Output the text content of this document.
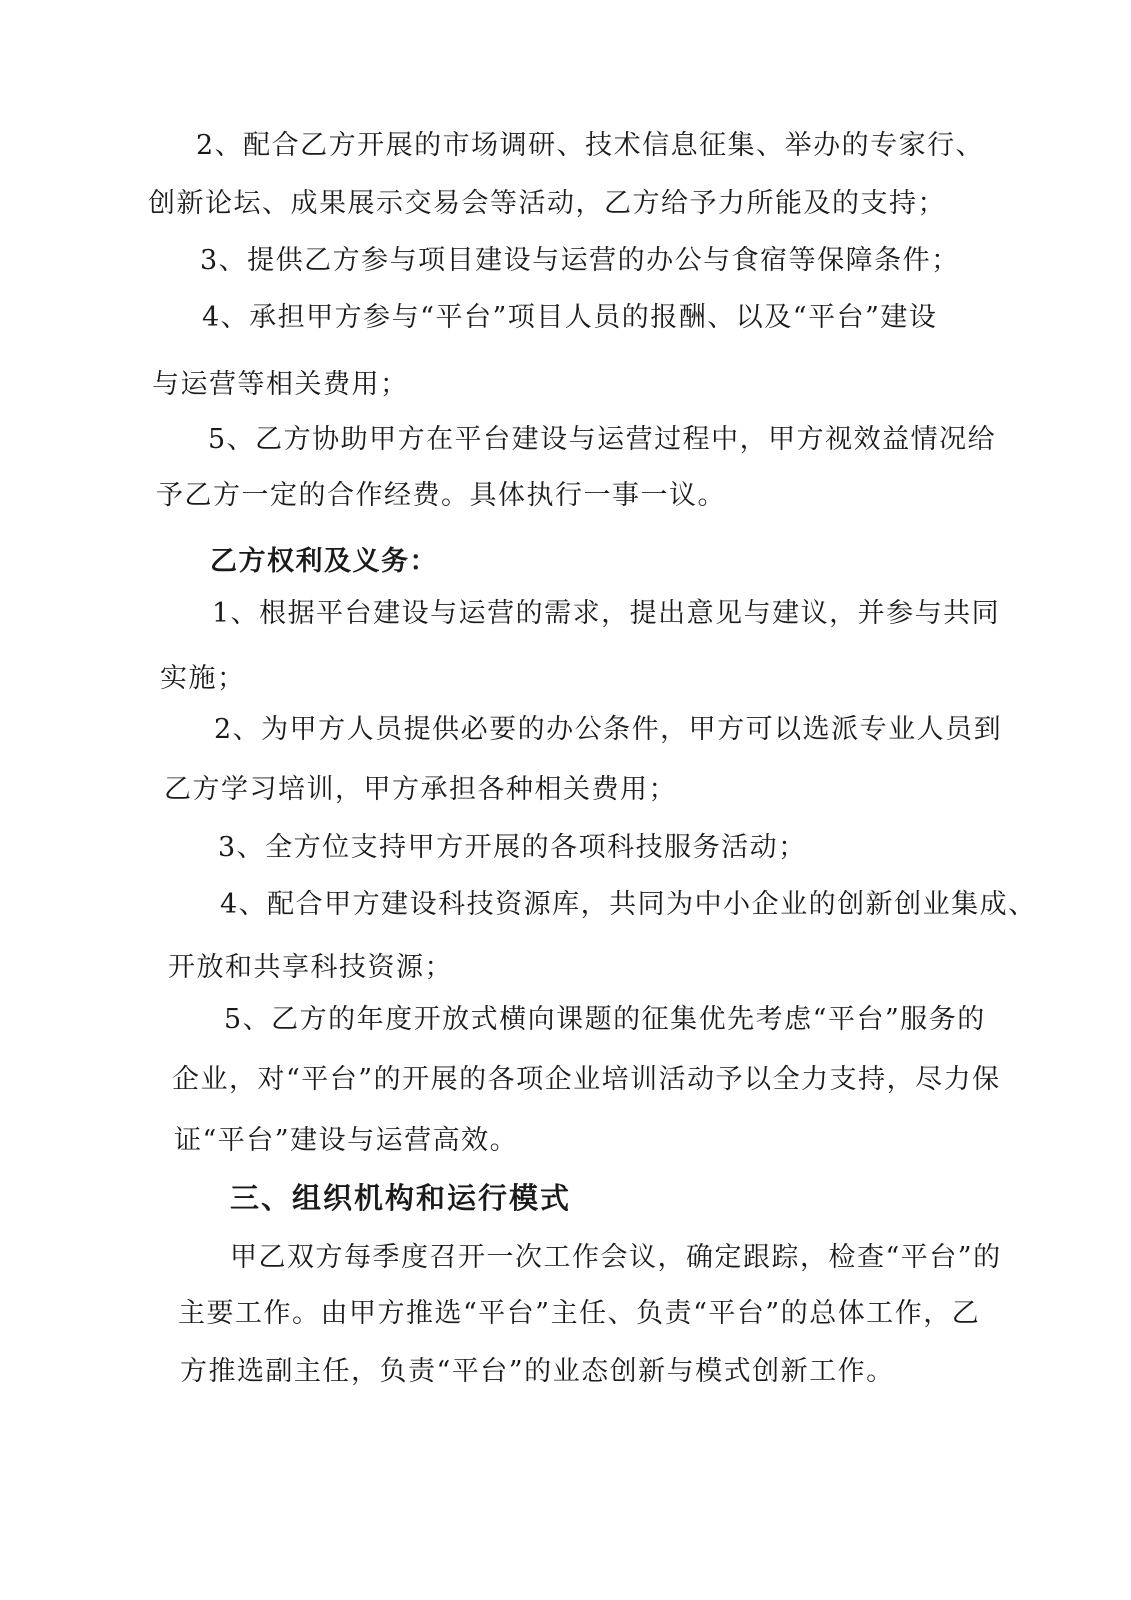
2、配合乙方开展的市场调研、技术信息征集、举办的专家行、
创新论坛、成果展示交易会等活动，乙方给予力所能及的支持；
3、提供乙方参与项目建设与运营的办公与食宿等保障条件；
4、承担甲方参与“平台”项目人员的报酬、以及“平台”建设
与运营等相关费用；
5、乙方协助甲方在平台建设与运营过程中，甲方视效益情况给
予乙方一定的合作经费。具体执行一事一议。
乙方权利及义务：
1、根据平台建设与运营的需求，提出意见与建议，并参与共同
实施；
2、为甲方人员提供必要的办公条件，甲方可以选派专业人员到
乙方学习培训，甲方承担各种相关费用；
3、全方位支持甲方开展的各项科技服务活动；
4、配合甲方建设科技资源库，共同为中小企业的创新创业集成、
开放和共享科技资源；
5、乙方的年度开放式横向课题的征集优先考虑“平台”服务的
企业，对“平台”的开展的各项企业培训活动予以全力支持，尽力保
证“平台”建设与运营高效。
三、组织机构和运行模式
甲乙双方每季度召开一次工作会议，确定跟踪，检查“平台”的
主要工作。由甲方推选“平台”主任、负责“平台”的总体工作，乙
方推选副主任，负责“平台”的业态创新与模式创新工作。
